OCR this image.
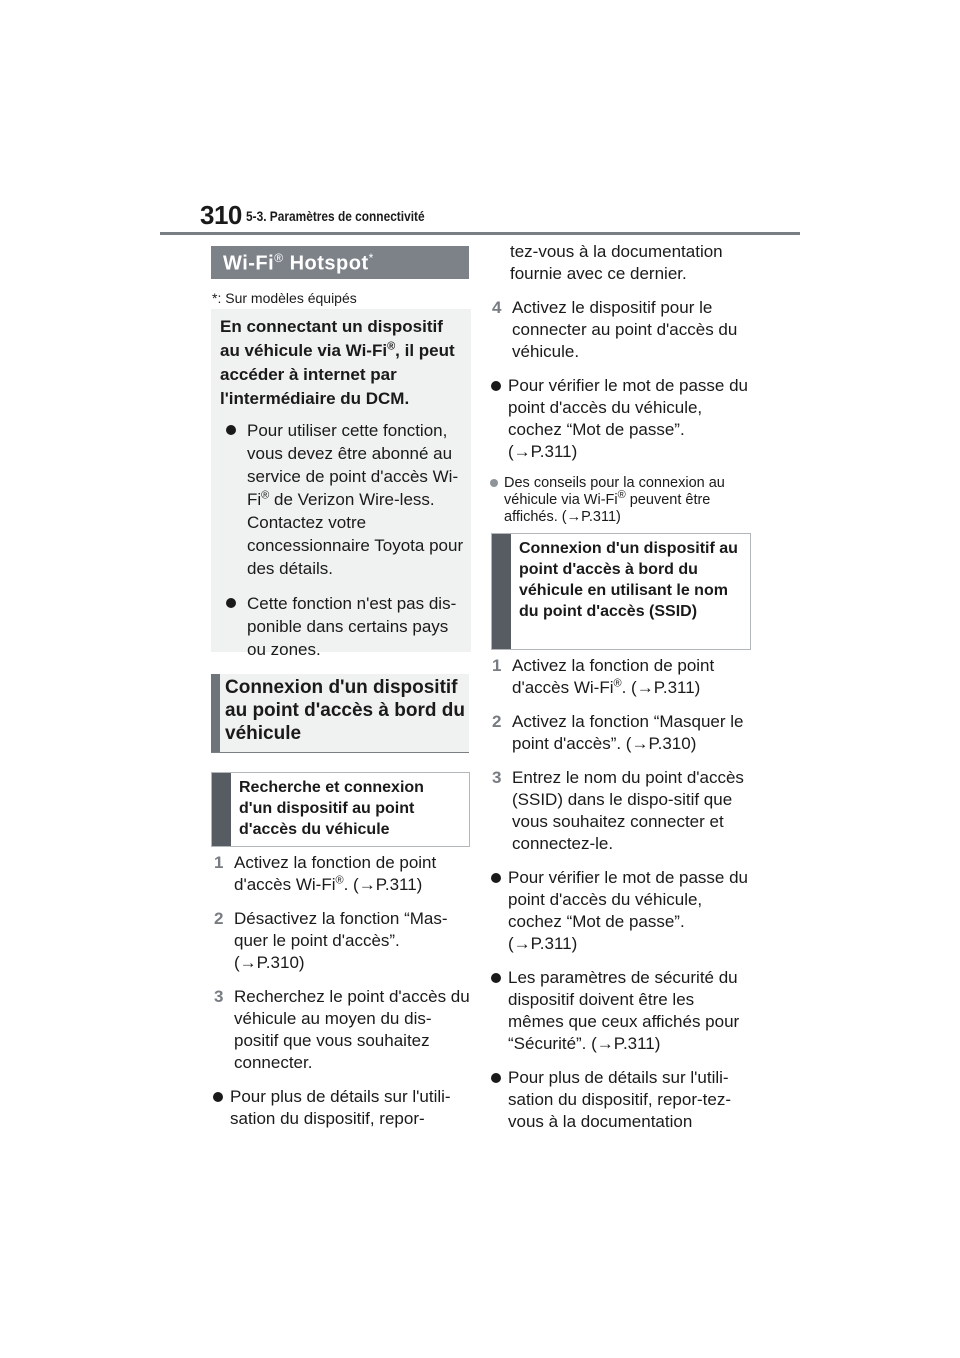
310 5-3. Paramètres de connectivité
Wi-Fi® Hotspot*
*: Sur modèles équipés

En connectant un dispositif au véhicule via Wi-Fi®, il peut accéder à internet par l'intermédiaire du DCM.

Pour utiliser cette fonction, vous devez être abonné au service de point d'accès Wi-Fi® de Verizon Wire-less. Contactez votre concessionnaire Toyota pour des détails.
Cette fonction n'est pas dis-ponible dans certains pays ou zones.
Connexion d'un dispositif au point d'accès à bord du véhicule
Recherche et connexion d'un dispositif au point d'accès du véhicule
1 Activez la fonction de point d'accès Wi-Fi®. (→P.311)
2 Désactivez la fonction “Mas-quer le point d'accès”. (→P.310)
3 Recherchez le point d'accès du véhicule au moyen du dis-positif que vous souhaitez connecter.
Pour plus de détails sur l'utili-sation du dispositif, repor-
tez-vous à la documentation fournie avec ce dernier.
4 Activez le dispositif pour le connecter au point d'accès du véhicule.
Pour vérifier le mot de passe du point d'accès du véhicule, cochez “Mot de passe”. (→P.311)
Des conseils pour la connexion au véhicule via Wi-Fi® peuvent être affichés. (→P.311)
Connexion d'un dispositif au point d'accès à bord du véhicule en utilisant le nom du point d'accès (SSID)
1 Activez la fonction de point d'accès Wi-Fi®. (→P.311)
2 Activez la fonction “Masquer le point d'accès”. (→P.310)
3 Entrez le nom du point d'accès (SSID) dans le dispo-sitif que vous souhaitez connecter et connectez-le.
Pour vérifier le mot de passe du point d'accès du véhicule, cochez “Mot de passe”. (→P.311)
Les paramètres de sécurité du dispositif doivent être les mêmes que ceux affichés pour “Sécurité”. (→P.311)
Pour plus de détails sur l'utili-sation du dispositif, repor-tez-vous à la documentation
